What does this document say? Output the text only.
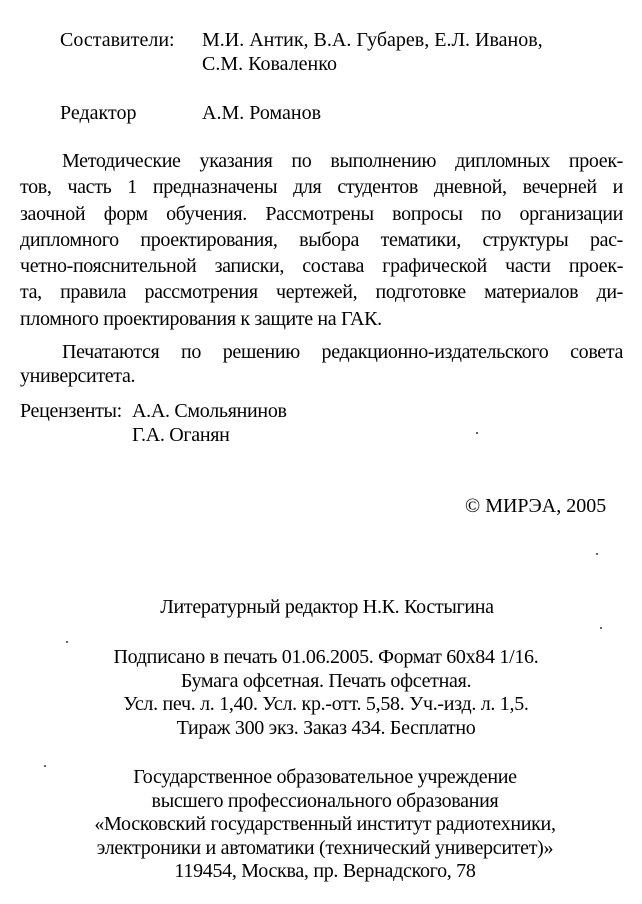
Составители: М.И. Антик, В.А. Губарев, Е.Л. Иванов,
С.М. Коваленко
Редактор	А.М. Романов

Методические указания по выполнению дипломных проек-
тов, часть 1 предназначены для студентов дневной, вечерней и
заочной форм обучения. Рассмотрены вопросы по организации
дипломного проектирования, выбора тематики, структуры рас-
четно-пояснительной записки, состава графической части проек-
та, правила рассмотрения чертежей, подготовке материалов ди-
пломного проектирования к защите на ГАК.

Печатаются по решению редакционно-издательского совета
университета.

Рецензенты: А.А. Смольянинов
Г.А. Оганян
© МИРЭА, 2005
Литературный редактор Н.К. Костыгина
Подписано в печать 01.06.2005. Формат 60х84 1/16.
Бумага офсетная. Печать офсетная.
Усл. печ. л. 1,40. Усл. кр.-отт. 5,58. Уч.-изд. л. 1,5.
Тираж 300 экз. Заказ 434. Бесплатно
Государственное образовательное учреждение
высшего профессионального образования
«Московский государственный институт радиотехники,
электроники и автоматики (технический университет)»
119454, Москва, пр. Вернадского, 78
